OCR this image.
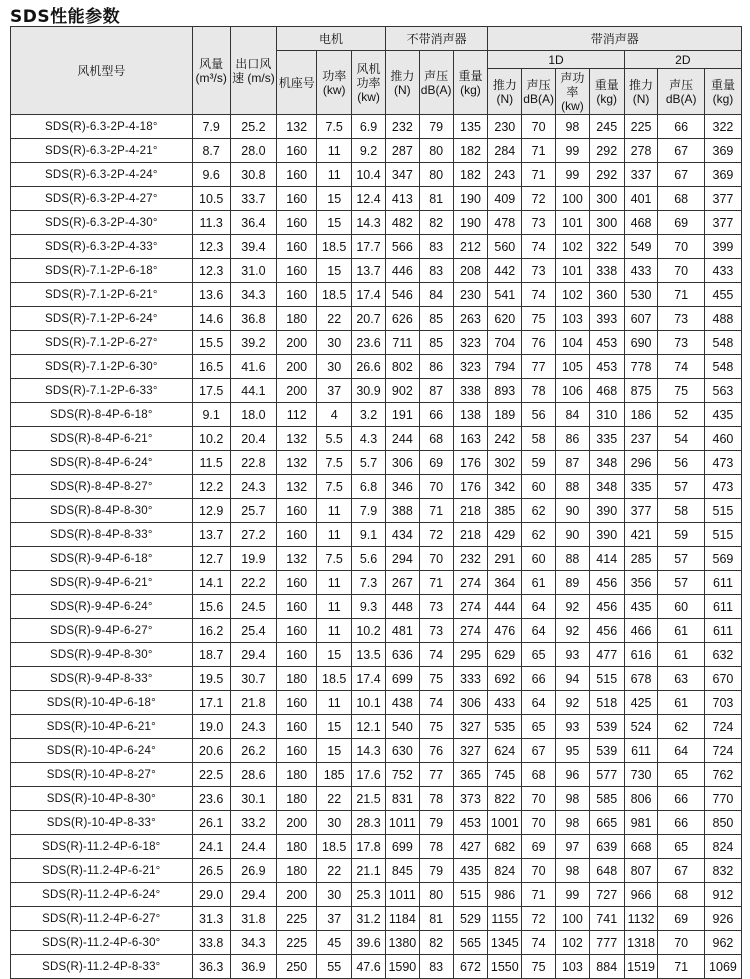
SDS性能参数
风机型号	风量 (m³/s)	出口风速 (m/s)	电机			不带消声器			带消声器						
			机座号	功率 (kw)	风机功率 (kw)	推力 (N)	声压 dB(A)	重量 (kg)	1D				2D		
									推力 (N)	声压 dB(A)	声功率 (kw)	重量 (kg)	推力 (N)	声压 dB(A)	重量 (kg)
SDS(R)-6.3-2P-4-18°	7.9	25.2	132	7.5	6.9	232	79	135	230	70	98	245	225	66	322
SDS(R)-6.3-2P-4-21°	8.7	28.0	160	11	9.2	287	80	182	284	71	99	292	278	67	369
SDS(R)-6.3-2P-4-24°	9.6	30.8	160	11	10.4	347	80	182	243	71	99	292	337	67	369
SDS(R)-6.3-2P-4-27°	10.5	33.7	160	15	12.4	413	81	190	409	72	100	300	401	68	377
SDS(R)-6.3-2P-4-30°	11.3	36.4	160	15	14.3	482	82	190	478	73	101	300	468	69	377
SDS(R)-6.3-2P-4-33°	12.3	39.4	160	18.5	17.7	566	83	212	560	74	102	322	549	70	399
SDS(R)-7.1-2P-6-18°	12.3	31.0	160	15	13.7	446	83	208	442	73	101	338	433	70	433
SDS(R)-7.1-2P-6-21°	13.6	34.3	160	18.5	17.4	546	84	230	541	74	102	360	530	71	455
SDS(R)-7.1-2P-6-24°	14.6	36.8	180	22	20.7	626	85	263	620	75	103	393	607	73	488
SDS(R)-7.1-2P-6-27°	15.5	39.2	200	30	23.6	711	85	323	704	76	104	453	690	73	548
SDS(R)-7.1-2P-6-30°	16.5	41.6	200	30	26.6	802	86	323	794	77	105	453	778	74	548
SDS(R)-7.1-2P-6-33°	17.5	44.1	200	37	30.9	902	87	338	893	78	106	468	875	75	563
SDS(R)-8-4P-6-18°	9.1	18.0	112	4	3.2	191	66	138	189	56	84	310	186	52	435
SDS(R)-8-4P-6-21°	10.2	20.4	132	5.5	4.3	244	68	163	242	58	86	335	237	54	460
SDS(R)-8-4P-6-24°	11.5	22.8	132	7.5	5.7	306	69	176	302	59	87	348	296	56	473
SDS(R)-8-4P-8-27°	12.2	24.3	132	7.5	6.8	346	70	176	342	60	88	348	335	57	473
SDS(R)-8-4P-8-30°	12.9	25.7	160	11	7.9	388	71	218	385	62	90	390	377	58	515
SDS(R)-8-4P-8-33°	13.7	27.2	160	11	9.1	434	72	218	429	62	90	390	421	59	515
SDS(R)-9-4P-6-18°	12.7	19.9	132	7.5	5.6	294	70	232	291	60	88	414	285	57	569
SDS(R)-9-4P-6-21°	14.1	22.2	160	11	7.3	267	71	274	364	61	89	456	356	57	611
SDS(R)-9-4P-6-24°	15.6	24.5	160	11	9.3	448	73	274	444	64	92	456	435	60	611
SDS(R)-9-4P-6-27°	16.2	25.4	160	11	10.2	481	73	274	476	64	92	456	466	61	611
SDS(R)-9-4P-8-30°	18.7	29.4	160	15	13.5	636	74	295	629	65	93	477	616	61	632
SDS(R)-9-4P-8-33°	19.5	30.7	180	18.5	17.4	699	75	333	692	66	94	515	678	63	670
SDS(R)-10-4P-6-18°	17.1	21.8	160	11	10.1	438	74	306	433	64	92	518	425	61	703
SDS(R)-10-4P-6-21°	19.0	24.3	160	15	12.1	540	75	327	535	65	93	539	524	62	724
SDS(R)-10-4P-6-24°	20.6	26.2	160	15	14.3	630	76	327	624	67	95	539	611	64	724
SDS(R)-10-4P-8-27°	22.5	28.6	180	185	17.6	752	77	365	745	68	96	577	730	65	762
SDS(R)-10-4P-8-30°	23.6	30.1	180	22	21.5	831	78	373	822	70	98	585	806	66	770
SDS(R)-10-4P-8-33°	26.1	33.2	200	30	28.3	1011	79	453	1001	70	98	665	981	66	850
SDS(R)-11.2-4P-6-18°	24.1	24.4	180	18.5	17.8	699	78	427	682	69	97	639	668	65	824
SDS(R)-11.2-4P-6-21°	26.5	26.9	180	22	21.1	845	79	435	824	70	98	648	807	67	832
SDS(R)-11.2-4P-6-24°	29.0	29.4	200	30	25.3	1011	80	515	986	71	99	727	966	68	912
SDS(R)-11.2-4P-6-27°	31.3	31.8	225	37	31.2	1184	81	529	1155	72	100	741	1132	69	926
SDS(R)-11.2-4P-6-30°	33.8	34.3	225	45	39.6	1380	82	565	1345	74	102	777	1318	70	962
SDS(R)-11.2-4P-8-33°	36.3	36.9	250	55	47.6	1590	83	672	1550	75	103	884	1519	71	1069
